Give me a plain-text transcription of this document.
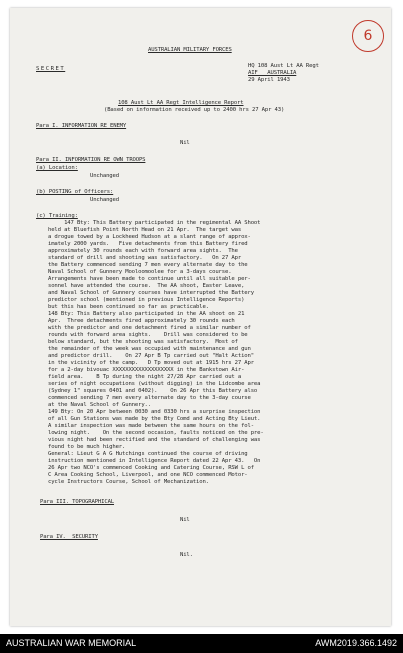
6
AUSTRALIAN MILITARY FORCES
SECRET	HQ 108 Aust Lt AA Regt
AIF   AUSTRALIA
29 April 1943
108 Aust Lt AA Regt Intelligence Report
(Based on information received up to 2400 hrs 27 Apr 43)
Para I. INFORMATION RE ENEMY
Nil
Para II. INFORMATION RE OWN TROOPS
(a) Location:
Unchanged
(b) POSTING of Officers:
Unchanged
(c) Training:
147 Bty: This Battery participated in the regimental AA Shoot
held at Bluefish Point North Head on 21 Apr.  The target was
a drogue towed by a Lockheed Hudson at a slant range of approx-
imately 2000 yards.   Five detachments from this Battery fired
approximately 30 rounds each with forward area sights.  The
standard of drill and shooting was satisfactory.   On 27 Apr
the Battery commenced sending 7 men every alternate day to the
Naval School of Gunnery Mooloomoolee for a 3-days course.
Arrangements have been made to continue until all suitable per-
sonnel have attended the course.  The AA shoot, Easter Leave,
and Naval School of Gunnery courses have interrupted the Battery
predictor school (mentioned in previous Intelligence Reports)
but this has been continued so far as practicable.
148 Bty: This Battery also participated in the AA shoot on 21
Apr.  Three detachments fired approximately 30 rounds each
with the predictor and one detachment fired a similar number of
rounds with forward area sights.    Drill was considered to be
below standard, but the shooting was satisfactory.  Most of
the remainder of the week was occupied with maintenance and gun
and predictor drill.    On 27 Apr B Tp carried out "Halt Action"
in the vicinity of the camp.   D Tp moved out at 1915 hrs 27 Apr
for a 2-day bivouac XXXXXXXXXXXXXXXXXXX in the Bankstown Air-
field area.    B Tp during the night 27/28 Apr carried out a
series of night occupations (without digging) in the Lidcombe area
(Sydney 1" squares 0401 and 0402).    On 26 Apr this Battery also
commenced sending 7 men every alternate day to the 3-day course
at the Naval School of Gunnery..
149 Bty: On 20 Apr between 0030 and 0330 hrs a surprise inspection
of all Gun Stations was made by the Bty Comd and Acting Bty Lieut.
A similar inspection was made between the same hours on the fol-
lowing night.    On the second occasion, faults noticed on the pre-
vious night had been rectified and the standard of challenging was
found to be much higher.
General: Lieut G A G Hutchings continued the course of driving
instruction mentioned in Intelligence Report dated 22 Apr 43.   On
26 Apr two NCO's commenced Cooking and Catering Course, RSW L of
C Area Cooking School, Liverpool, and one NCO commenced Motor-
cycle Instructors Course, School of Mechanization.
Para III. TOPOGRAPHICAL
Nil
Para IV.  SECURITY
Nil.
AUSTRALIAN WAR MEMORIAL	AWM2019.366.1492
